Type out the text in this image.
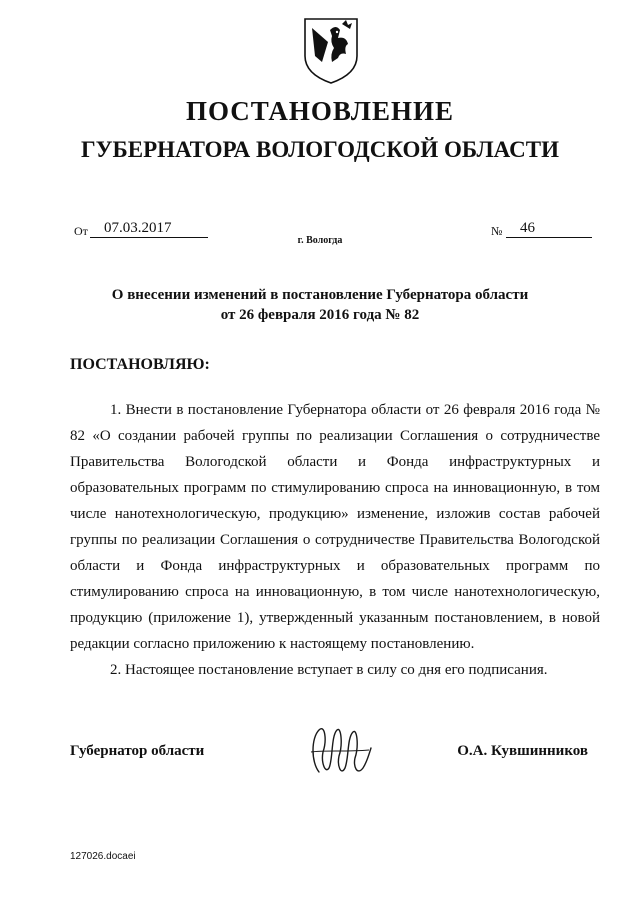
ПОСТАНОВЛЕНИЕ
ГУБЕРНАТОРА ВОЛОГОДСКОЙ ОБЛАСТИ
От	07.03.2017	№	46
г. Вологда
О внесении изменений в постановление Губернатора области
от 26 февраля 2016 года № 82
ПОСТАНОВЛЯЮ:

1. Внести в постановление Губернатора области от 26 февраля 2016 года № 82 «О создании рабочей группы по реализации Соглашения о сотрудничестве Правительства Вологодской области и Фонда инфраструктурных и образовательных программ по стимулированию спроса на инновационную, в том числе нанотехнологическую, продукцию» изменение, изложив состав рабочей группы по реализации Соглашения о сотрудничестве Правительства Вологодской области и Фонда инфраструктурных и образовательных программ по стимулированию спроса на инновационную, в том числе нанотехнологическую, продукцию (приложение 1), утвержденный указанным постановлением, в новой редакции согласно приложению к настоящему постановлению.

2. Настоящее постановление вступает в силу со дня его подписания.

Губернатор области	О.А. Кувшинников
127026.docaei
